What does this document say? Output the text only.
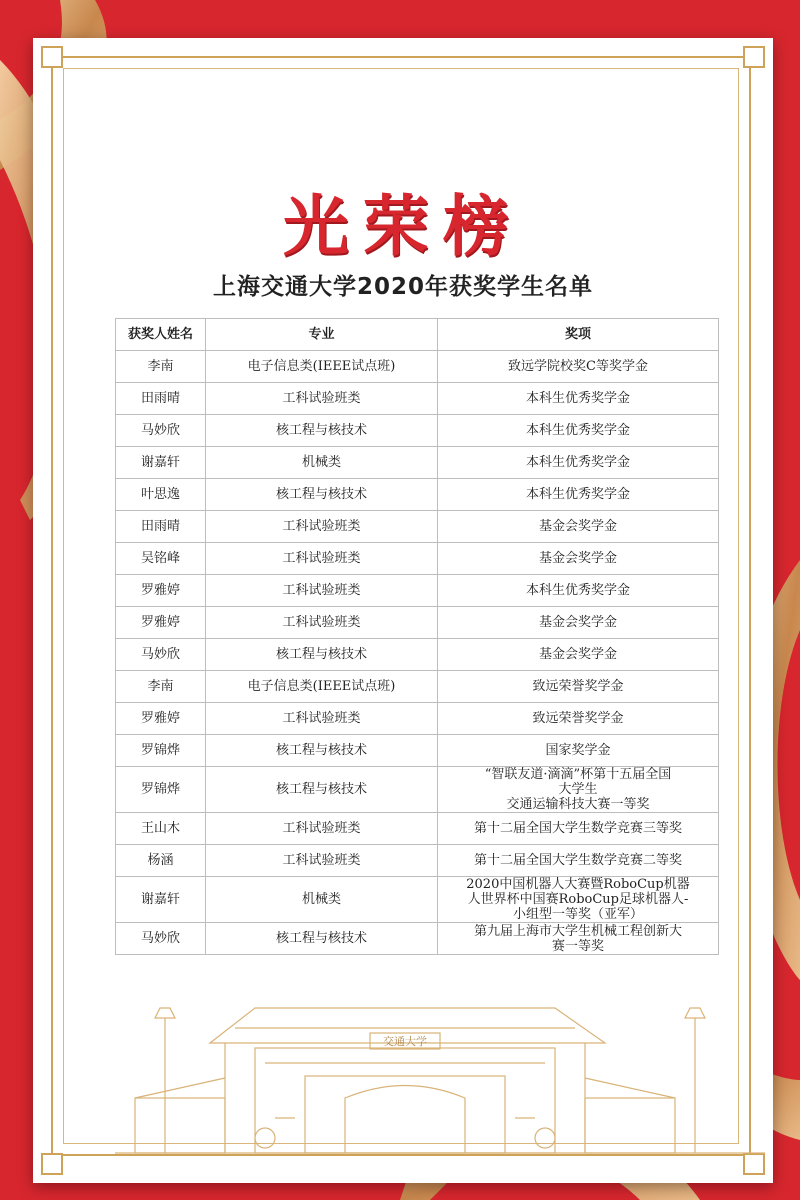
光荣榜
上海交通大学2020年获奖学生名单
获奖人姓名	专业	奖项
李南	电子信息类(IEEE试点班)	致远学院校奖C等奖学金

田雨晴	工科试验班类	本科生优秀奖学金

马妙欣	核工程与核技术	本科生优秀奖学金

谢嘉轩	机械类	本科生优秀奖学金

叶思逸	核工程与核技术	本科生优秀奖学金

田雨晴	工科试验班类	基金会奖学金

吴铭峰	工科试验班类	基金会奖学金

罗雅婷	工科试验班类	本科生优秀奖学金

罗雅婷	工科试验班类	基金会奖学金

马妙欣	核工程与核技术	基金会奖学金

李南	电子信息类(IEEE试点班)	致远荣誉奖学金

罗雅婷	工科试验班类	致远荣誉奖学金

罗锦烨	核工程与核技术	国家奖学金

罗锦烨	核工程与核技术	“智联友道·滴滴”杯第十五届全国
大学生
交通运输科技大赛一等奖

王山木	工科试验班类	第十二届全国大学生数学竞赛三等奖

杨涵	工科试验班类	第十二届全国大学生数学竞赛二等奖

谢嘉轩	机械类	2020中国机器人大赛暨RoboCup机器
人世界杯中国赛RoboCup足球机器人-
小组型一等奖（亚军）

马妙欣	核工程与核技术	第九届上海市大学生机械工程创新大
赛一等奖
交通大学
